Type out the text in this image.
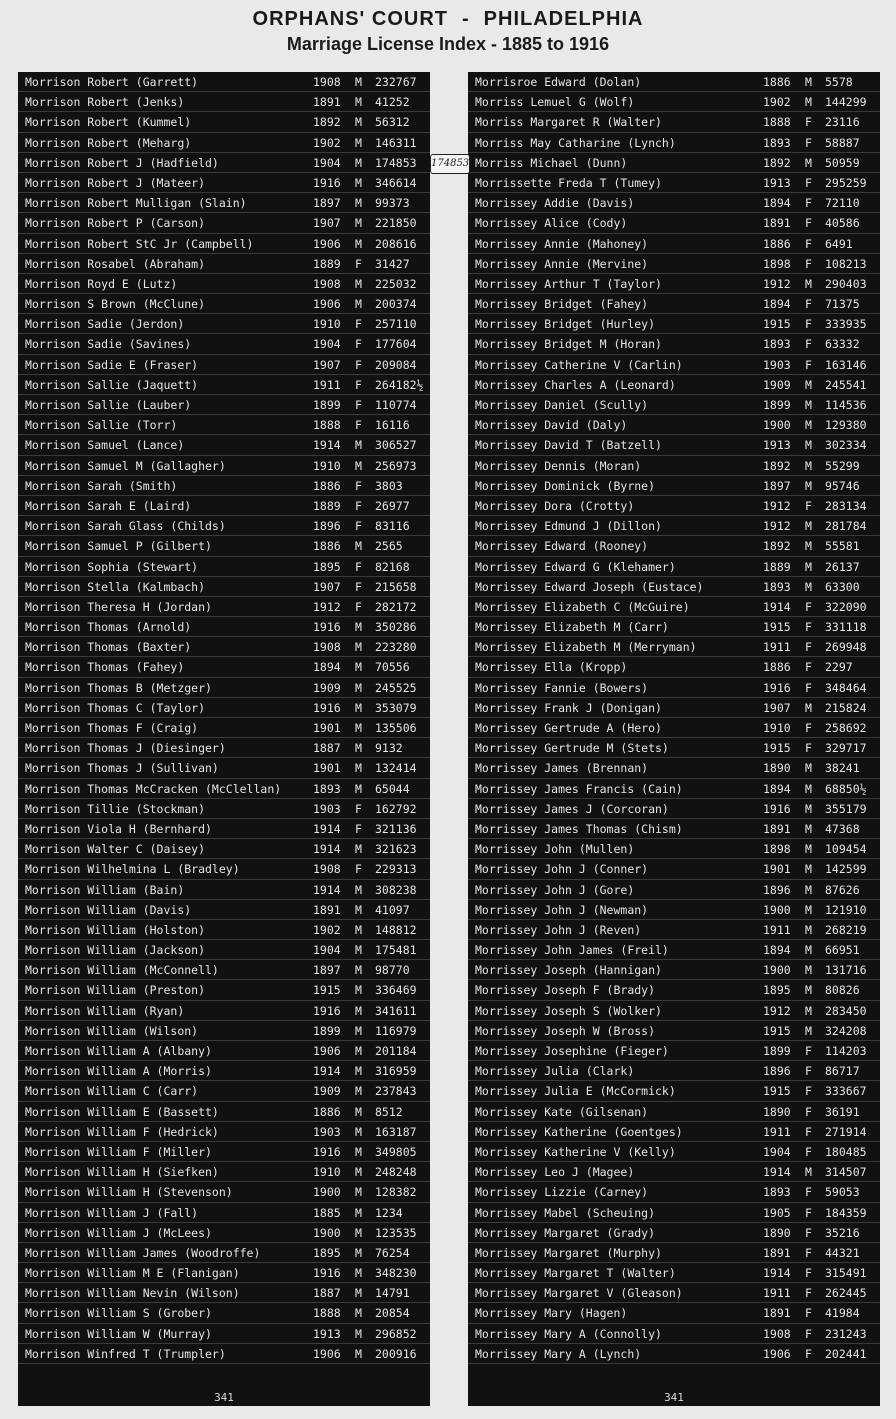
ORPHANS' COURT - PHILADELPHIA
Marriage License Index - 1885 to 1916
Morrison Robert (Garrett)	1908	M	232767
Morrison Robert (Jenks)	1891	M	41252
Morrison Robert (Kummel)	1892	M	56312
Morrison Robert (Meharg)	1902	M	146311
Morrison Robert J (Hadfield)	1904	M	174853
Morrison Robert J (Mateer)	1916	M	346614
Morrison Robert Mulligan (Slain)	1897	M	99373
Morrison Robert P (Carson)	1907	M	221850
Morrison Robert StC Jr (Campbell)	1906	M	208616
Morrison Rosabel (Abraham)	1889	F	31427
Morrison Royd E (Lutz)	1908	M	225032
Morrison S Brown (McClune)	1906	M	200374
Morrison Sadie (Jerdon)	1910	F	257110
Morrison Sadie (Savines)	1904	F	177604
Morrison Sadie E (Fraser)	1907	F	209084
Morrison Sallie (Jaquett)	1911	F	264182½
Morrison Sallie (Lauber)	1899	F	110774
Morrison Sallie (Torr)	1888	F	16116
Morrison Samuel (Lance)	1914	M	306527
Morrison Samuel M (Gallagher)	1910	M	256973
Morrison Sarah (Smith)	1886	F	3803
Morrison Sarah E (Laird)	1889	F	26977
Morrison Sarah Glass (Childs)	1896	F	83116
Morrison Samuel P (Gilbert)	1886	M	2565
Morrison Sophia (Stewart)	1895	F	82168
Morrison Stella (Kalmbach)	1907	F	215658
Morrison Theresa H (Jordan)	1912	F	282172
Morrison Thomas (Arnold)	1916	M	350286
Morrison Thomas (Baxter)	1908	M	223280
Morrison Thomas (Fahey)	1894	M	70556
Morrison Thomas B (Metzger)	1909	M	245525
Morrison Thomas C (Taylor)	1916	M	353079
Morrison Thomas F (Craig)	1901	M	135506
Morrison Thomas J (Diesinger)	1887	M	9132
Morrison Thomas J (Sullivan)	1901	M	132414
Morrison Thomas McCracken (McClellan)	1893	M	65044
Morrison Tillie (Stockman)	1903	F	162792
Morrison Viola H (Bernhard)	1914	F	321136
Morrison Walter C (Daisey)	1914	M	321623
Morrison Wilhelmina L (Bradley)	1908	F	229313
Morrison William (Bain)	1914	M	308238
Morrison William (Davis)	1891	M	41097
Morrison William (Holston)	1902	M	148812
Morrison William (Jackson)	1904	M	175481
Morrison William (McConnell)	1897	M	98770
Morrison William (Preston)	1915	M	336469
Morrison William (Ryan)	1916	M	341611
Morrison William (Wilson)	1899	M	116979
Morrison William A (Albany)	1906	M	201184
Morrison William A (Morris)	1914	M	316959
Morrison William C (Carr)	1909	M	237843
Morrison William E (Bassett)	1886	M	8512
Morrison William F (Hedrick)	1903	M	163187
Morrison William F (Miller)	1916	M	349805
Morrison William H (Siefken)	1910	M	248248
Morrison William H (Stevenson)	1900	M	128382
Morrison William J (Fall)	1885	M	1234
Morrison William J (McLees)	1900	M	123535
Morrison William James (Woodroffe)	1895	M	76254
Morrison William M E (Flanigan)	1916	M	348230
Morrison William Nevin (Wilson)	1887	M	14791
Morrison William S (Grober)	1888	M	20854
Morrison William W (Murray)	1913	M	296852
Morrison Winfred T (Trumpler)	1906	M	200916
341
Morrisroe Edward (Dolan)	1886	M	5578
Morriss Lemuel G (Wolf)	1902	M	144299
Morriss Margaret R (Walter)	1888	F	23116
Morriss May Catharine (Lynch)	1893	F	58887
Morriss Michael (Dunn)	1892	M	50959
Morrissette Freda T (Tumey)	1913	F	295259
Morrissey Addie (Davis)	1894	F	72110
Morrissey Alice (Cody)	1891	F	40586
Morrissey Annie (Mahoney)	1886	F	6491
Morrissey Annie (Mervine)	1898	F	108213
Morrissey Arthur T (Taylor)	1912	M	290403
Morrissey Bridget (Fahey)	1894	F	71375
Morrissey Bridget (Hurley)	1915	F	333935
Morrissey Bridget M (Horan)	1893	F	63332
Morrissey Catherine V (Carlin)	1903	F	163146
Morrissey Charles A (Leonard)	1909	M	245541
Morrissey Daniel (Scully)	1899	M	114536
Morrissey David (Daly)	1900	M	129380
Morrissey David T (Batzell)	1913	M	302334
Morrissey Dennis (Moran)	1892	M	55299
Morrissey Dominick (Byrne)	1897	M	95746
Morrissey Dora (Crotty)	1912	F	283134
Morrissey Edmund J (Dillon)	1912	M	281784
Morrissey Edward (Rooney)	1892	M	55581
Morrissey Edward G (Klehamer)	1889	M	26137
Morrissey Edward Joseph (Eustace)	1893	M	63300
Morrissey Elizabeth C (McGuire)	1914	F	322090
Morrissey Elizabeth M (Carr)	1915	F	331118
Morrissey Elizabeth M (Merryman)	1911	F	269948
Morrissey Ella (Kropp)	1886	F	2297
Morrissey Fannie (Bowers)	1916	F	348464
Morrissey Frank J (Donigan)	1907	M	215824
Morrissey Gertrude A (Hero)	1910	F	258692
Morrissey Gertrude M (Stets)	1915	F	329717
Morrissey James (Brennan)	1890	M	38241
Morrissey James Francis (Cain)	1894	M	68850½
Morrissey James J (Corcoran)	1916	M	355179
Morrissey James Thomas (Chism)	1891	M	47368
Morrissey John (Mullen)	1898	M	109454
Morrissey John J (Conner)	1901	M	142599
Morrissey John J (Gore)	1896	M	87626
Morrissey John J (Newman)	1900	M	121910
Morrissey John J (Reven)	1911	M	268219
Morrissey John James (Freil)	1894	M	66951
Morrissey Joseph (Hannigan)	1900	M	131716
Morrissey Joseph F (Brady)	1895	M	80826
Morrissey Joseph S (Wolker)	1912	M	283450
Morrissey Joseph W (Bross)	1915	M	324208
Morrissey Josephine (Fieger)	1899	F	114203
Morrissey Julia (Clark)	1896	F	86717
Morrissey Julia E (McCormick)	1915	F	333667
Morrissey Kate (Gilsenan)	1890	F	36191
Morrissey Katherine (Goentges)	1911	F	271914
Morrissey Katherine V (Kelly)	1904	F	180485
Morrissey Leo J (Magee)	1914	M	314507
Morrissey Lizzie (Carney)	1893	F	59053
Morrissey Mabel (Scheuing)	1905	F	184359
Morrissey Margaret (Grady)	1890	F	35216
Morrissey Margaret (Murphy)	1891	F	44321
Morrissey Margaret T (Walter)	1914	F	315491
Morrissey Margaret V (Gleason)	1911	F	262445
Morrissey Mary (Hagen)	1891	F	41984
Morrissey Mary A (Connolly)	1908	F	231243
Morrissey Mary A (Lynch)	1906	F	202441
341
174853
